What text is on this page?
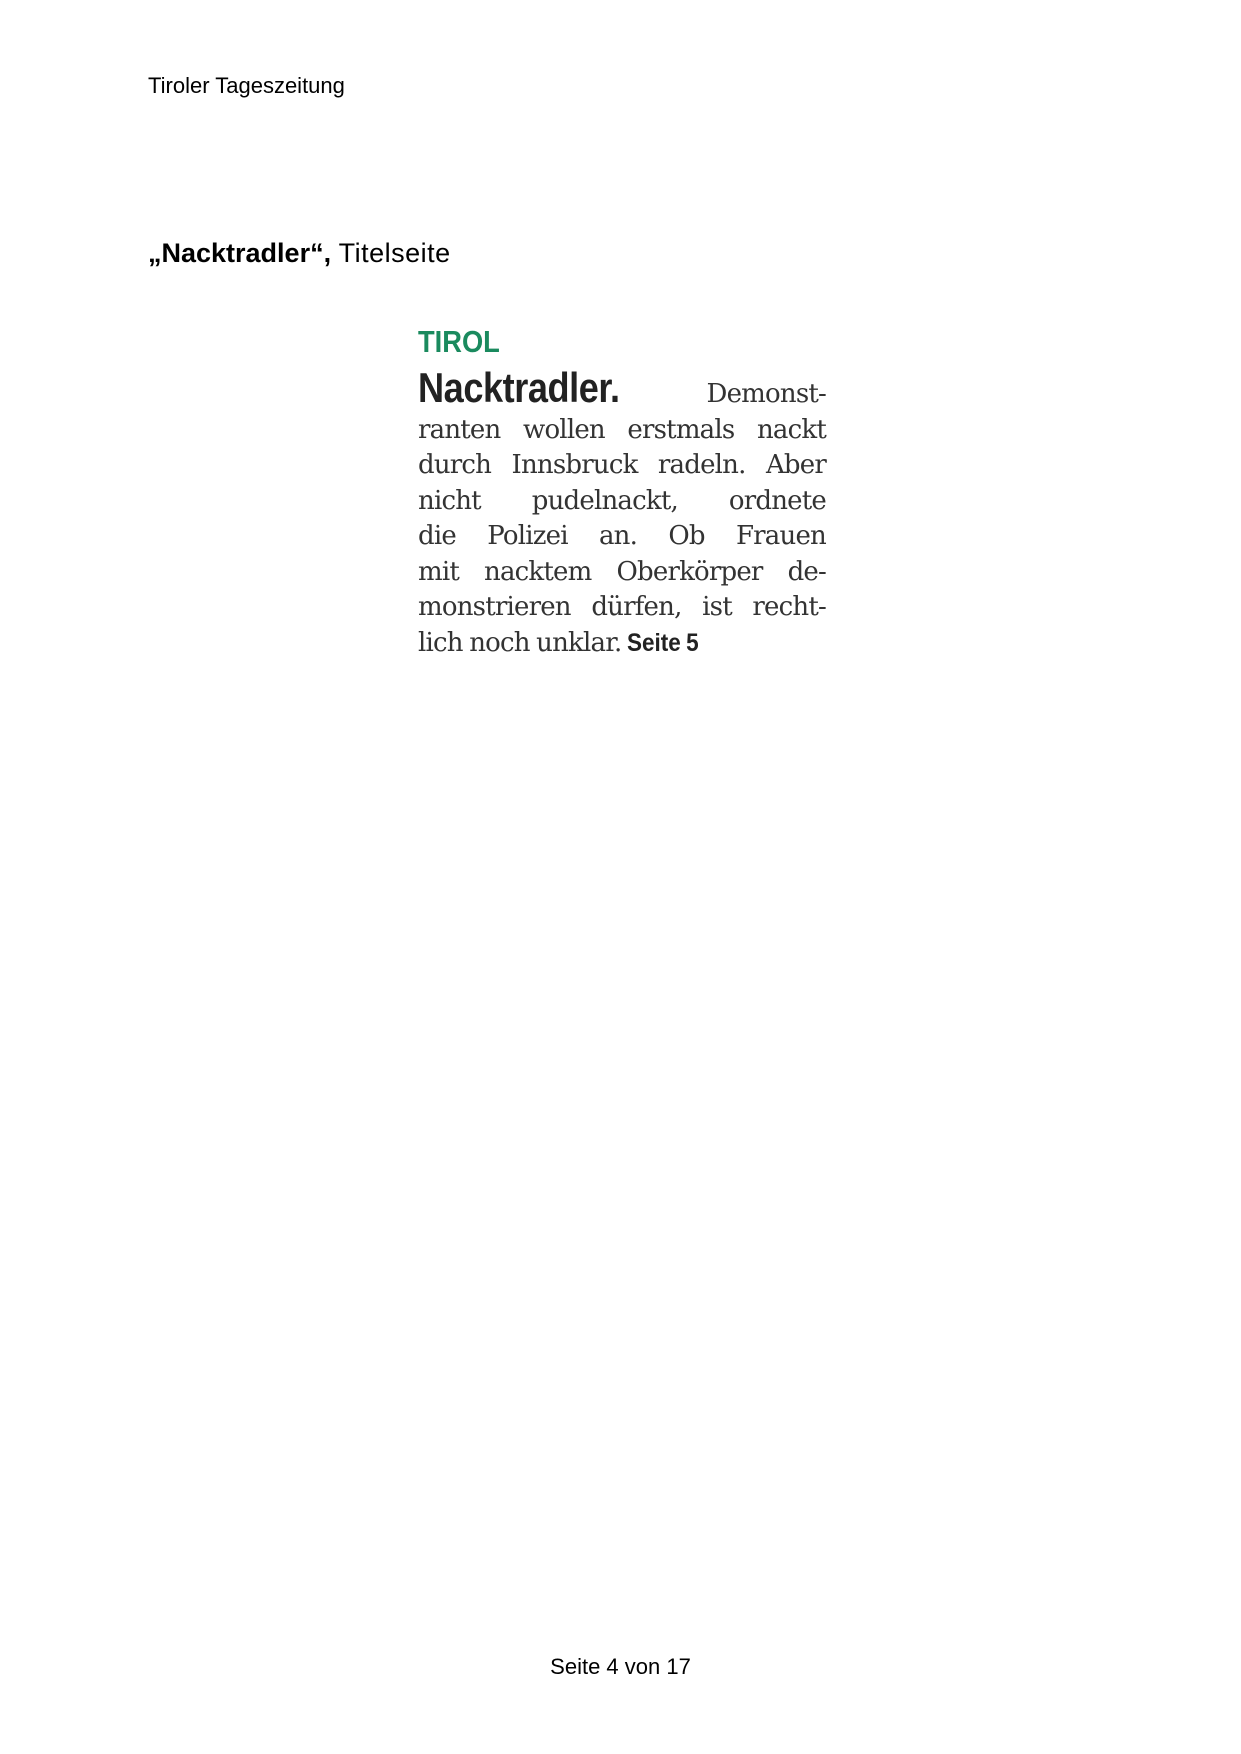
Tiroler Tageszeitung
„Nacktradler“, Titelseite
TIROL
Nacktradler.	Demonst-
ranten wollen erstmals nackt
durch Innsbruck radeln. Aber
nicht pudelnackt, ordnete
die Polizei an. Ob Frauen
mit nacktem Oberkörper de-
monstrieren dürfen, ist recht-
lich noch unklar. Seite 5
Seite 4 von 17
